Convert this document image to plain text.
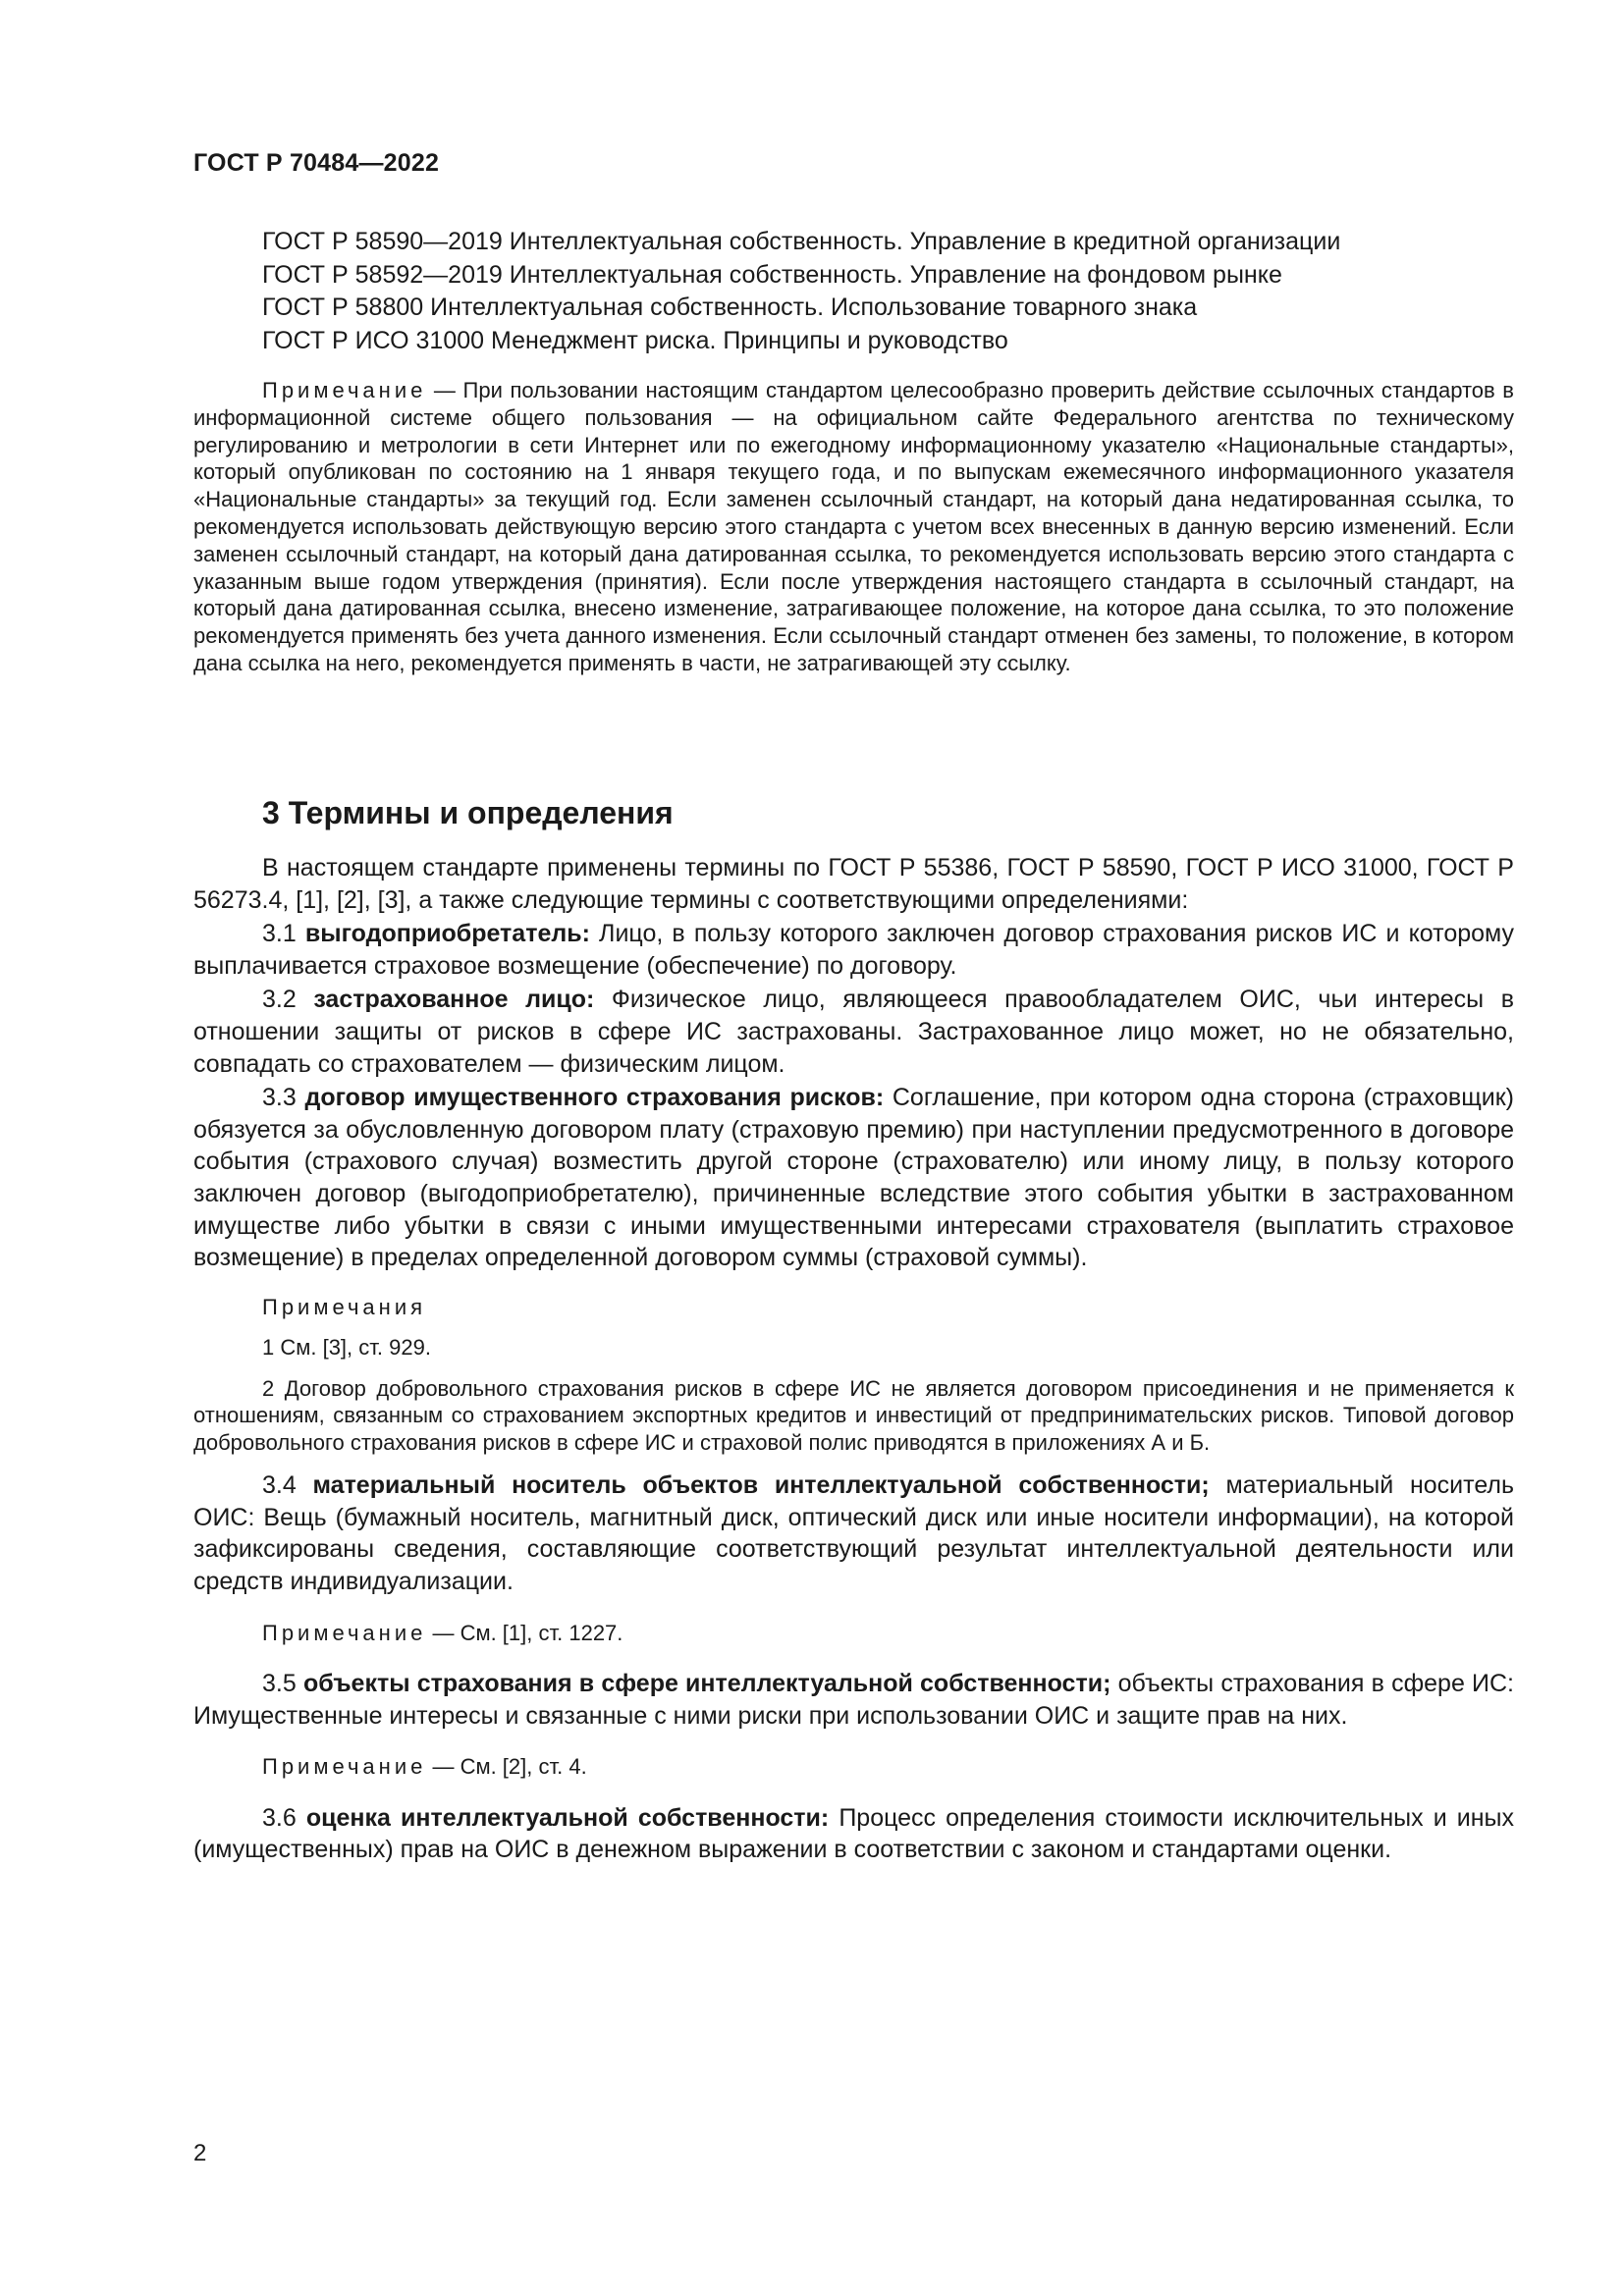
ГОСТ Р 70484—2022
ГОСТ Р 58590—2019 Интеллектуальная собственность. Управление в кредитной организации
ГОСТ Р 58592—2019 Интеллектуальная собственность. Управление на фондовом рынке
ГОСТ Р 58800 Интеллектуальная собственность. Использование товарного знака
ГОСТ Р ИСО 31000 Менеджмент риска. Принципы и руководство
Примечание — При пользовании настоящим стандартом целесообразно проверить действие ссылочных стандартов в информационной системе общего пользования — на официальном сайте Федерального агентства по техническому регулированию и метрологии в сети Интернет или по ежегодному информационному указателю «Национальные стандарты», который опубликован по состоянию на 1 января текущего года, и по выпускам ежемесячного информационного указателя «Национальные стандарты» за текущий год. Если заменен ссылочный стандарт, на который дана недатированная ссылка, то рекомендуется использовать действующую версию этого стандарта с учетом всех внесенных в данную версию изменений. Если заменен ссылочный стандарт, на который дана датированная ссылка, то рекомендуется использовать версию этого стандарта с указанным выше годом утверждения (принятия). Если после утверждения настоящего стандарта в ссылочный стандарт, на который дана датированная ссылка, внесено изменение, затрагивающее положение, на которое дана ссылка, то это положение рекомендуется применять без учета данного изменения. Если ссылочный стандарт отменен без замены, то положение, в котором дана ссылка на него, рекомендуется применять в части, не затрагивающей эту ссылку.
3 Термины и определения

В настоящем стандарте применены термины по ГОСТ Р 55386, ГОСТ Р 58590, ГОСТ Р ИСО 31000, ГОСТ Р 56273.4, [1], [2], [3], а также следующие термины с соответствующими определениями:

3.1 выгодоприобретатель: Лицо, в пользу которого заключен договор страхования рисков ИС и которому выплачивается страховое возмещение (обеспечение) по договору.

3.2 застрахованное лицо: Физическое лицо, являющееся правообладателем ОИС, чьи интересы в отношении защиты от рисков в сфере ИС застрахованы. Застрахованное лицо может, но не обязательно, совпадать со страхователем — физическим лицом.

3.3 договор имущественного страхования рисков: Соглашение, при котором одна сторона (страховщик) обязуется за обусловленную договором плату (страховую премию) при наступлении предусмотренного в договоре события (страхового случая) возместить другой стороне (страхователю) или иному лицу, в пользу которого заключен договор (выгодоприобретателю), причиненные вследствие этого события убытки в застрахованном имуществе либо убытки в связи с иными имущественными интересами страхователя (выплатить страховое возмещение) в пределах определенной договором суммы (страховой суммы).

Примечания

1 См. [3], ст. 929.

2 Договор добровольного страхования рисков в сфере ИС не является договором присоединения и не применяется к отношениям, связанным со страхованием экспортных кредитов и инвестиций от предпринимательских рисков. Типовой договор добровольного страхования рисков в сфере ИС и страховой полис приводятся в приложениях А и Б.

3.4 материальный носитель объектов интеллектуальной собственности; материальный носитель ОИС: Вещь (бумажный носитель, магнитный диск, оптический диск или иные носители информации), на которой зафиксированы сведения, составляющие соответствующий результат интеллектуальной деятельности или средств индивидуализации.

Примечание — См. [1], ст. 1227.

3.5 объекты страхования в сфере интеллектуальной собственности; объекты страхования в сфере ИС: Имущественные интересы и связанные с ними риски при использовании ОИС и защите прав на них.

Примечание — См. [2], ст. 4.

3.6 оценка интеллектуальной собственности: Процесс определения стоимости исключительных и иных (имущественных) прав на ОИС в денежном выражении в соответствии с законом и стандартами оценки.

2
